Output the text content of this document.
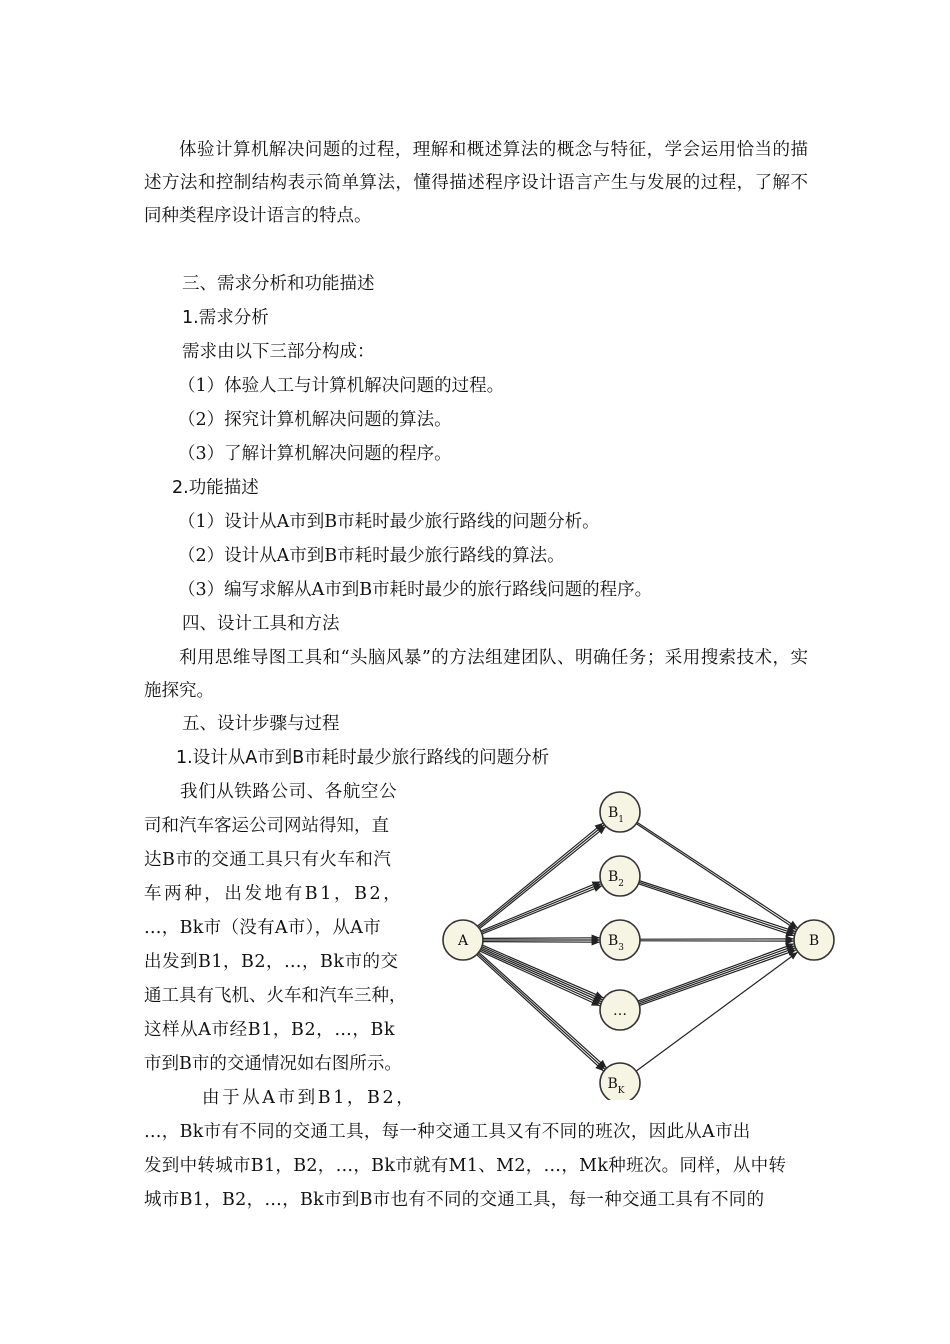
体验计算机解决问题的过程，理解和概述算法的概念与特征，学会运用恰当的描述方法和控制结构表示简单算法，懂得描述程序设计语言产生与发展的过程，了解不同种类程序设计语言的特点。

三、需求分析和功能描述

1.需求分析

需求由以下三部分构成：

（1）体验人工与计算机解决问题的过程。

（2）探究计算机解决问题的算法。

（3）了解计算机解决问题的程序。

2.功能描述

（1）设计从A市到B市耗时最少旅行路线的问题分析。

（2）设计从A市到B市耗时最少旅行路线的算法。

（3）编写求解从A市到B市耗时最少的旅行路线问题的程序。

四、设计工具和方法

利用思维导图工具和“头脑风暴”的方法组建团队、明确任务；采用搜索技术，实施探究。

五、设计步骤与过程

1.设计从A市到B市耗时最少旅行路线的问题分析

我们从铁路公司、各航空公

司和汽车客运公司网站得知，直

达B市的交通工具只有火车和汽

车两种，出发地有B1，B2，

…，Bk市（没有A市），从A市

出发到B1，B2，…，Bk市的交

通工具有飞机、火车和汽车三种，

这样从A市经B1，B2，…，Bk

市到B市的交通情况如右图所示。

由于从A市到B1，B2，

…，Bk市有不同的交通工具，每一种交通工具又有不同的班次，因此从A市出

发到中转城市B1，B2，…，Bk市就有M1、M2，…，Mk种班次。同样，从中转

城市B1，B2，…，Bk市到B市也有不同的交通工具，每一种交通工具有不同的

A	B
$B_1$
$B_2$
$B_3$
…
$B_K$
